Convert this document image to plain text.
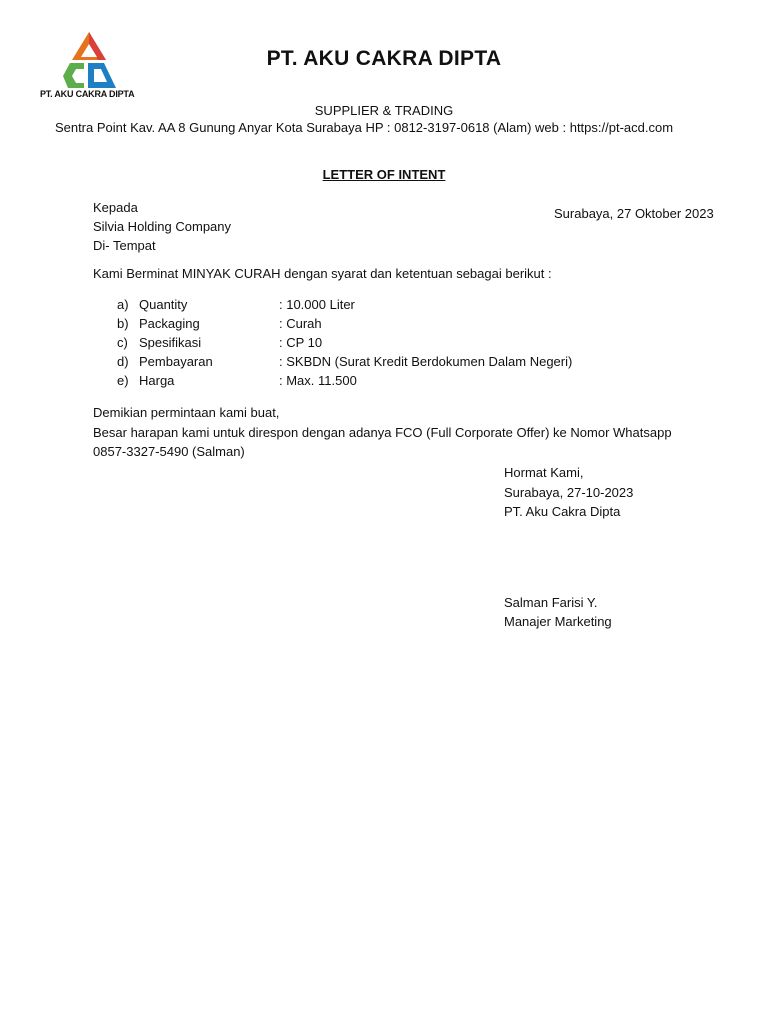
PT. AKU CAKRA DIPTA
PT. AKU CAKRA DIPTA
SUPPLIER & TRADING
Sentra Point Kav. AA 8 Gunung Anyar Kota Surabaya HP : 0812-3197-0618 (Alam) web : https://pt-acd.com
LETTER OF INTENT
Kepada
Silvia Holding Company
Di- Tempat
Surabaya, 27 Oktober 2023
Kami Berminat MINYAK CURAH dengan syarat dan ketentuan sebagai berikut :
a) Quantity	: 10.000 Liter
b) Packaging	: Curah
c) Spesifikasi	: CP 10
d) Pembayaran	: SKBDN (Surat Kredit Berdokumen Dalam Negeri)
e) Harga	: Max. 11.500
Demikian permintaan kami buat,
Besar harapan kami untuk direspon dengan adanya FCO (Full Corporate Offer) ke Nomor Whatsapp
0857-3327-5490 (Salman)
Hormat Kami,
Surabaya, 27-10-2023
PT. Aku Cakra Dipta
Salman Farisi Y.
Manajer Marketing
